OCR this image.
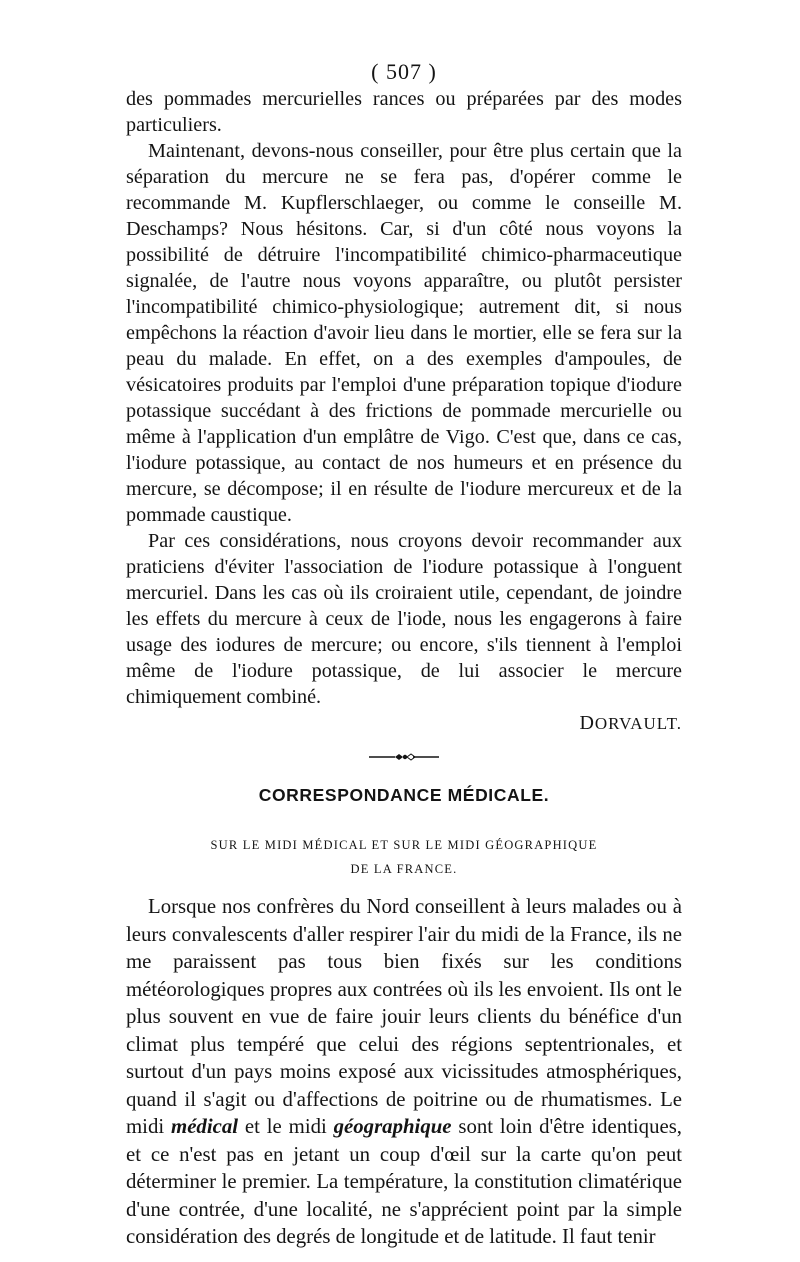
( 507 )

des pommades mercurielles rances ou préparées par des modes particuliers.

Maintenant, devons-nous conseiller, pour être plus certain que la séparation du mercure ne se fera pas, d'opérer comme le recommande M. Kupflerschlaeger, ou comme le conseille M. Deschamps? Nous hésitons. Car, si d'un côté nous voyons la possibilité de détruire l'incompatibilité chimico-pharmaceutique signalée, de l'autre nous voyons apparaître, ou plutôt persister l'incompatibilité chimico-physiologique; autrement dit, si nous empêchons la réaction d'avoir lieu dans le mortier, elle se fera sur la peau du malade. En effet, on a des exemples d'ampoules, de vésicatoires produits par l'emploi d'une préparation topique d'iodure potassique succédant à des frictions de pommade mercurielle ou même à l'application d'un emplâtre de Vigo. C'est que, dans ce cas, l'iodure potassique, au contact de nos humeurs et en présence du mercure, se décompose; il en résulte de l'iodure mercureux et de la pommade caustique.

Par ces considérations, nous croyons devoir recommander aux praticiens d'éviter l'association de l'iodure potassique à l'onguent mercuriel. Dans les cas où ils croiraient utile, cependant, de joindre les effets du mercure à ceux de l'iode, nous les engagerons à faire usage des iodures de mercure; ou encore, s'ils tiennent à l'emploi même de l'iodure potassique, de lui associer le mercure chimiquement combiné.

DORVAULT.
CORRESPONDANCE MÉDICALE.
SUR LE MIDI MÉDICAL ET SUR LE MIDI GÉOGRAPHIQUE
DE LA FRANCE.

Lorsque nos confrères du Nord conseillent à leurs malades ou à leurs convalescents d'aller respirer l'air du midi de la France, ils ne me paraissent pas tous bien fixés sur les conditions météorologiques propres aux contrées où ils les envoient. Ils ont le plus souvent en vue de faire jouir leurs clients du bénéfice d'un climat plus tempéré que celui des régions septentrionales, et surtout d'un pays moins exposé aux vicissitudes atmosphériques, quand il s'agit ou d'affections de poitrine ou de rhumatismes. Le midi médical et le midi géographique sont loin d'être identiques, et ce n'est pas en jetant un coup d'œil sur la carte qu'on peut déterminer le premier. La température, la constitution climatérique d'une contrée, d'une localité, ne s'apprécient point par la simple considération des degrés de longitude et de latitude. Il faut tenir
